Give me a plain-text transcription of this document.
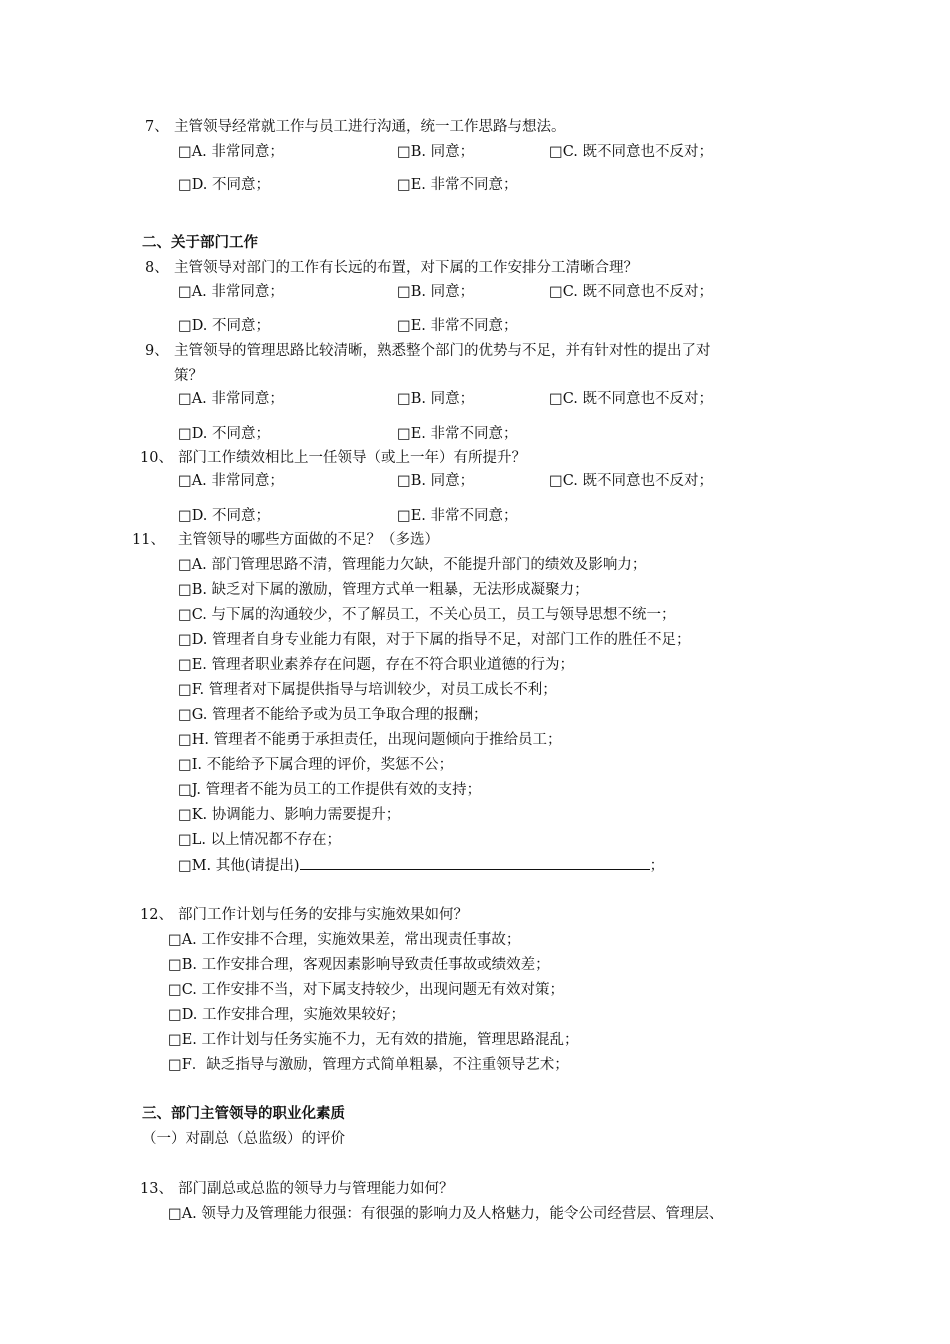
7、 主管领导经常就工作与员工进行沟通，统一工作思路与想法。
□A. 非常同意；	□B. 同意；	□C. 既不同意也不反对；
□D. 不同意；	□E. 非常不同意；
二、关于部门工作
8、 主管领导对部门的工作有长远的布置，对下属的工作安排分工清晰合理？
□A. 非常同意；	□B. 同意；	□C. 既不同意也不反对；
□D. 不同意；	□E. 非常不同意；
9、 主管领导的管理思路比较清晰，熟悉整个部门的优势与不足，并有针对性的提出了对
策？
□A. 非常同意；	□B. 同意；	□C. 既不同意也不反对；
□D. 不同意；	□E. 非常不同意；
10、 部门工作绩效相比上一任领导（或上一年）有所提升？
□A. 非常同意；	□B. 同意；	□C. 既不同意也不反对；
□D. 不同意；	□E. 非常不同意；
11、 主管领导的哪些方面做的不足？（多选）
□A. 部门管理思路不清，管理能力欠缺，不能提升部门的绩效及影响力；
□B. 缺乏对下属的激励，管理方式单一粗暴，无法形成凝聚力；
□C. 与下属的沟通较少，不了解员工，不关心员工，员工与领导思想不统一；
□D. 管理者自身专业能力有限，对于下属的指导不足，对部门工作的胜任不足；
□E. 管理者职业素养存在问题，存在不符合职业道德的行为；
□F. 管理者对下属提供指导与培训较少，对员工成长不利；
□G. 管理者不能给予或为员工争取合理的报酬；
□H. 管理者不能勇于承担责任，出现问题倾向于推给员工；
□I. 不能给予下属合理的评价，奖惩不公；
□J. 管理者不能为员工的工作提供有效的支持；
□K. 协调能力、影响力需要提升；
□L. 以上情况都不存在；
□M. 其他(请提出)	；
12、 部门工作计划与任务的安排与实施效果如何？
□A. 工作安排不合理，实施效果差，常出现责任事故；
□B. 工作安排合理，客观因素影响导致责任事故或绩效差；
□C. 工作安排不当，对下属支持较少，出现问题无有效对策；
□D. 工作安排合理，实施效果较好；
□E. 工作计划与任务实施不力，无有效的措施，管理思路混乱；
□F．缺乏指导与激励，管理方式简单粗暴，不注重领导艺术；
三、部门主管领导的职业化素质
（一）对副总（总监级）的评价
13、 部门副总或总监的领导力与管理能力如何？
□A. 领导力及管理能力很强：有很强的影响力及人格魅力，能令公司经营层、管理层、
